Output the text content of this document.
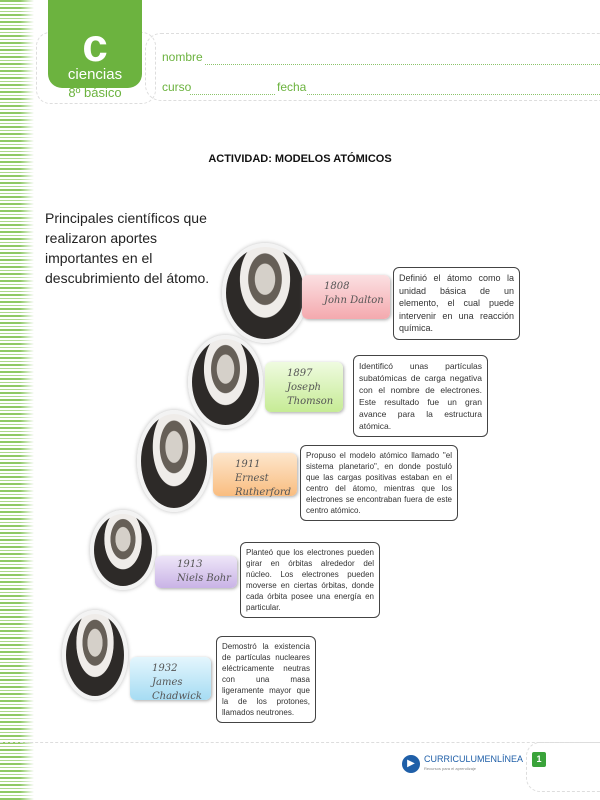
c
ciencias
8º básico
nombre
curso	fecha
ACTIVIDAD: MODELOS ATÓMICOS
Principales científicos que realizaron aportes importantes en el descubrimiento del átomo.
1808
John Dalton
Definió el átomo como la unidad básica de un elemento, el cual puede intervenir en una reacción química.
1897
Joseph Thomson
Identificó unas partículas subatómicas de carga negativa con el nombre de electrones. Este resultado fue un gran avance para la estructura atómica.
1911
Ernest Rutherford
Propuso el modelo atómico llamado "el sistema planetario", en donde postuló que las cargas positivas estaban en el centro del átomo, mientras que los electrones se encontraban fuera de este centro atómico.
1913
Niels Bohr
Planteó que los electrones pueden girar en órbitas alrededor del núcleo. Los electrones pueden moverse en ciertas órbitas, donde cada órbita posee una energía en particular.
1932
James Chadwick
Demostró la existencia de partículas nucleares eléctricamente neutras con una masa ligeramente mayor que la de los protones, llamados neutrones.
▶	CURRICULUMENLÍNEA
Recursos para el aprendizaje
1
